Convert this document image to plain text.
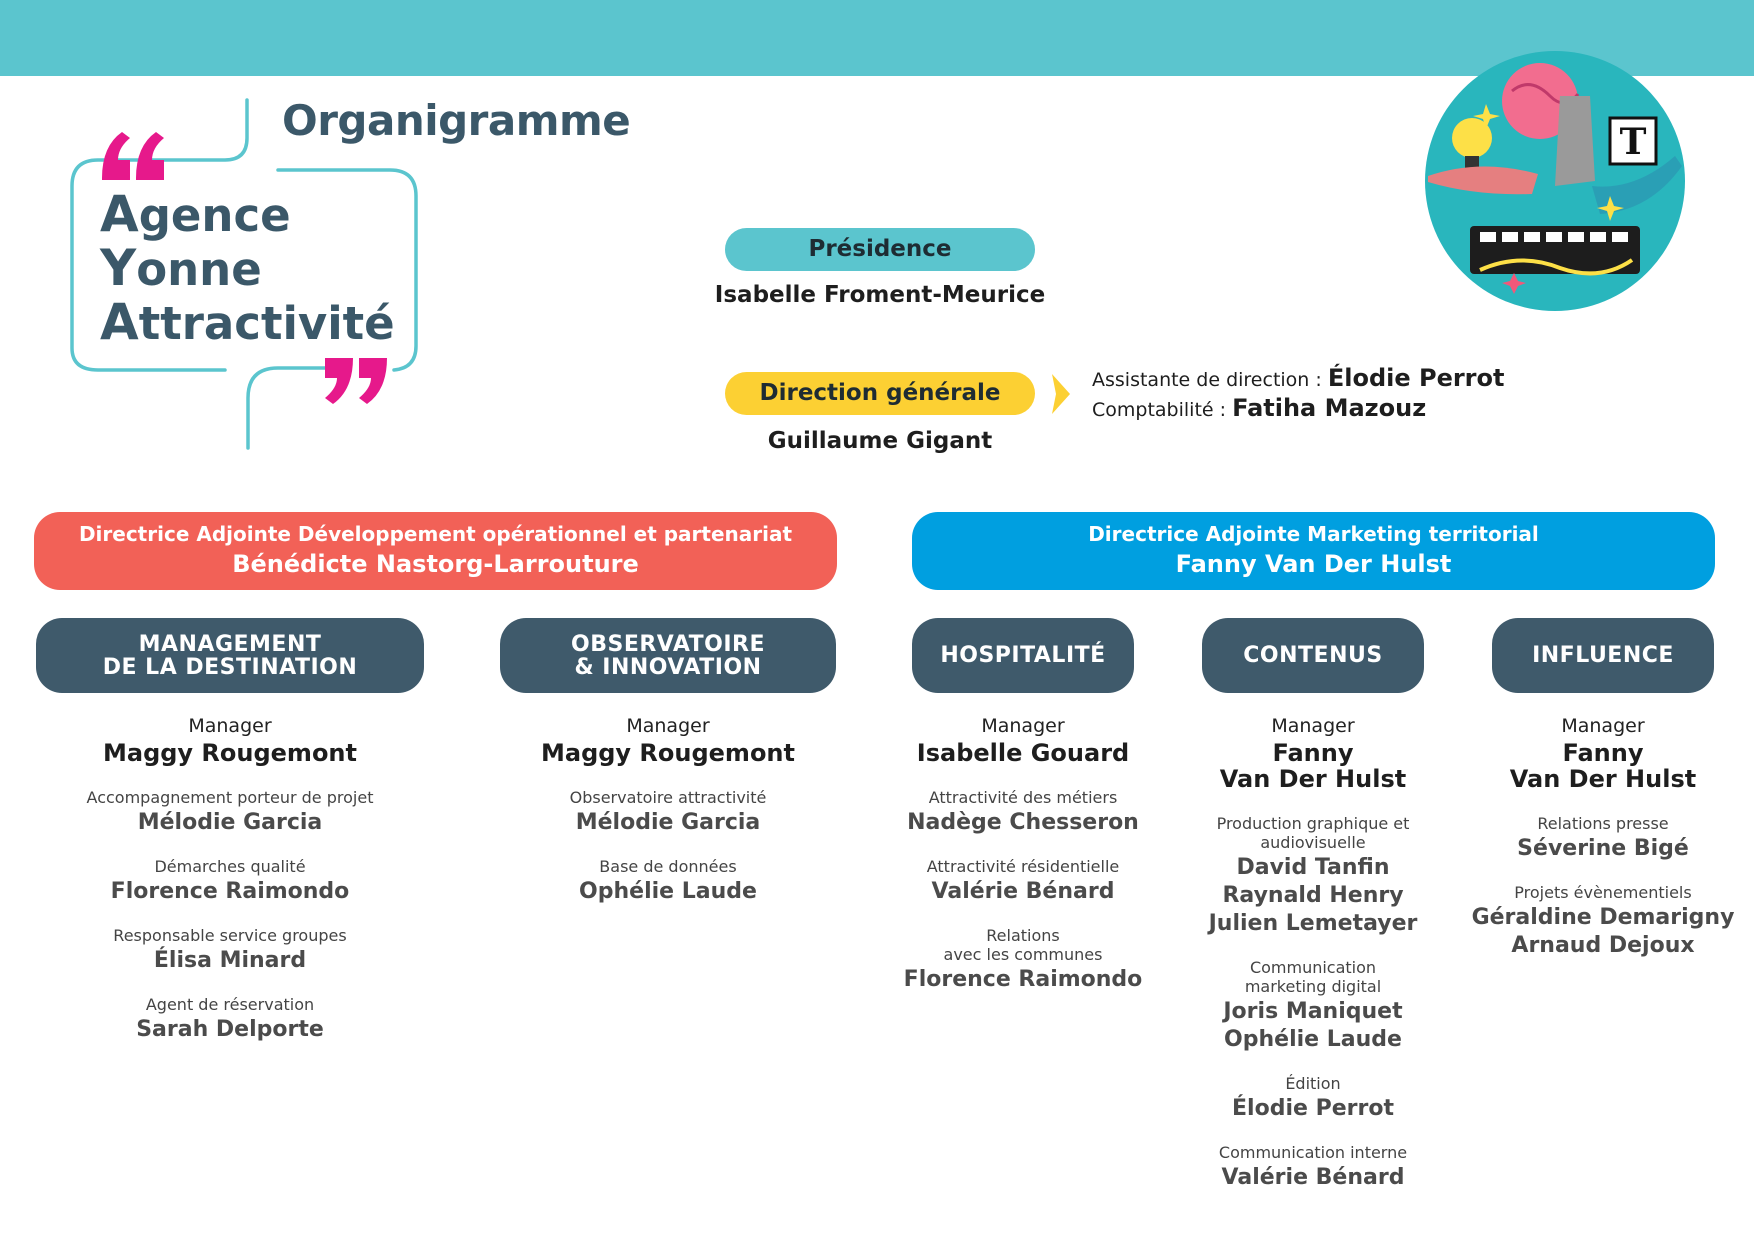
Agence
Yonne
Attractivité
Organigramme	T
Présidence
Isabelle Froment-Meurice
Direction générale
Guillaume Gigant
Assistante de direction : Élodie Perrot
Comptabilité : Fatiha Mazouz
Directrice Adjointe Développement opérationnel et partenariat
Bénédicte Nastorg-Larrouture
Directrice Adjointe Marketing territorial
Fanny Van Der Hulst
MANAGEMENT
DE LA DESTINATION
OBSERVATOIRE
& INNOVATION	HOSPITALITÉ	CONTENUS	INFLUENCE
Manager
Maggy Rougemont
Accompagnement porteur de projet
Mélodie Garcia
Démarches qualité
Florence Raimondo
Responsable service groupes
Élisa Minard
Agent de réservation
Sarah Delporte
Manager
Maggy Rougemont
Observatoire attractivité
Mélodie Garcia
Base de données
Ophélie Laude
Manager
Isabelle Gouard
Attractivité des métiers
Nadège Chesseron
Attractivité résidentielle
Valérie Bénard
Relations
avec les communes
Florence Raimondo
Manager
Fanny
Van Der Hulst
Production graphique et
audiovisuelle
David Tanfin
Raynald Henry
Julien Lemetayer
Communication
marketing digital
Joris Maniquet
Ophélie Laude
Édition
Élodie Perrot
Communication interne
Valérie Bénard
Manager
Fanny
Van Der Hulst
Relations presse
Séverine Bigé
Projets évènementiels
Géraldine Demarigny
Arnaud Dejoux
